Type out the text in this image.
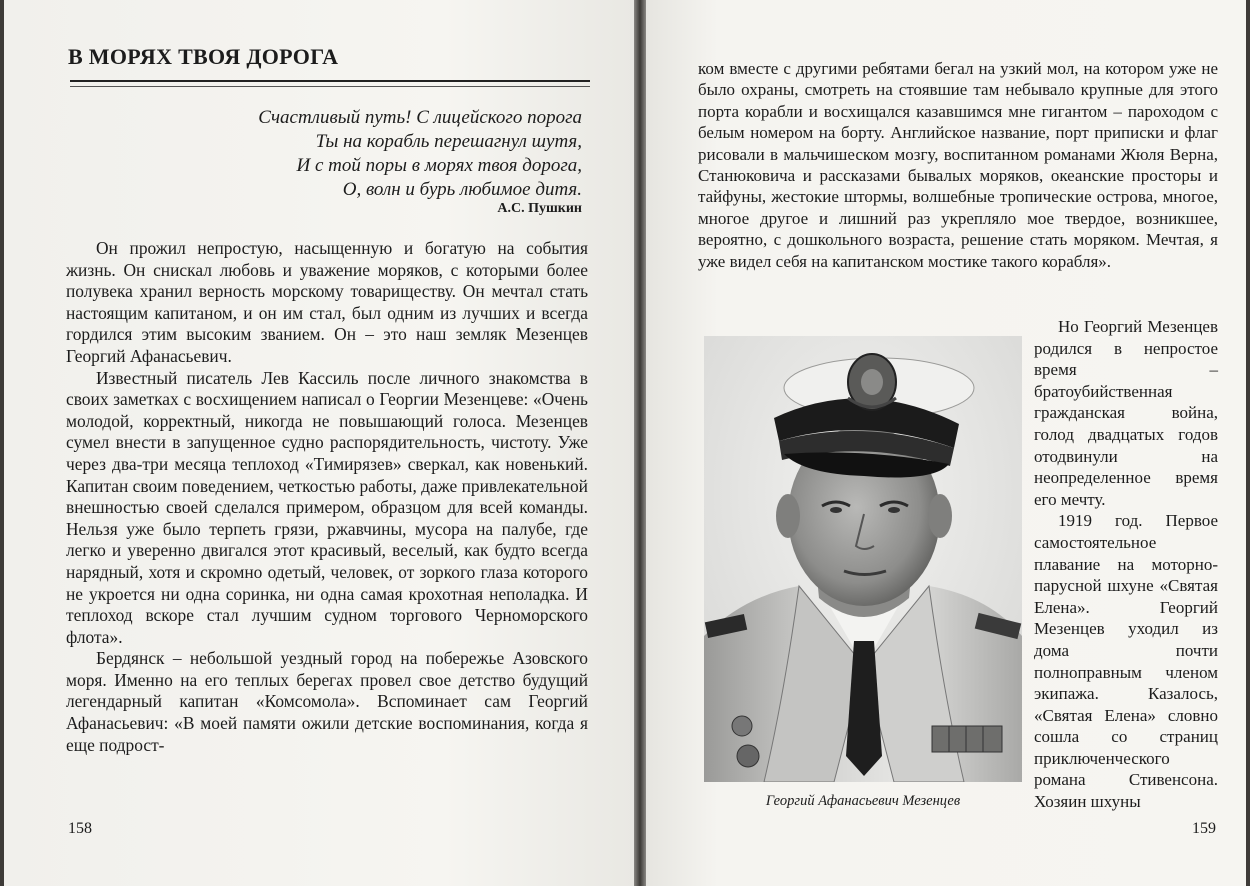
В МОРЯХ ТВОЯ ДОРОГА
Счастливый путь! С лицейского порога
Ты на корабль перешагнул шутя,
И с той поры в морях твоя дорога,
О, волн и бурь любимое дитя.
А.С. Пушкин

Он прожил непростую, насыщенную и богатую на события жизнь. Он снискал любовь и уважение моряков, с которыми более полувека хранил верность морскому товариществу. Он мечтал стать настоящим капитаном, и он им стал, был одним из лучших и всегда гордился этим высоким званием. Он – это наш земляк Мезенцев Георгий Афанасьевич.

Известный писатель Лев Кассиль после личного знакомства в своих заметках с восхищением написал о Георгии Мезенцеве: «Очень молодой, корректный, никогда не повышающий голоса. Мезенцев сумел внести в запущенное судно распорядительность, чистоту. Уже через два-три месяца теплоход «Тимирязев» сверкал, как новенький. Капитан своим поведением, четкостью работы, даже привлекательной внешностью своей сделался примером, образцом для всей команды. Нельзя уже было терпеть грязи, ржавчины, мусора на палубе, где легко и уверенно двигался этот красивый, веселый, как будто всегда нарядный, хотя и скромно одетый, человек, от зоркого глаза которого не укроется ни одна соринка, ни одна самая крохотная неполадка. И теплоход вскоре стал лучшим судном торгового Черноморского флота».

Бердянск – небольшой уездный город на побережье Азовского моря. Именно на его теплых берегах провел свое детство будущий легендарный капитан «Комсомола». Вспоминает сам Георгий Афанасьевич: «В моей памяти ожили детские воспоминания, когда я еще подрост-

158

ком вместе с другими ребятами бегал на узкий мол, на котором уже не было охраны, смотреть на стоявшие там небывало крупные для этого порта корабли и восхищался казавшимся мне гигантом – пароходом с белым номером на борту. Английское название, порт приписки и флаг рисовали в мальчишеском мозгу, воспитанном романами Жюля Верна, Станюковича и рассказами бывалых моряков, океанские просторы и тайфуны, жестокие штормы, волшебные тропические острова, многое, многое другое и лишний раз укрепляло мое твердое, возникшее, вероятно, с дошкольного возраста, решение стать моряком. Мечтая, я уже видел себя на капитанском мостике такого корабля».

Георгий Афанасьевич Мезенцев

Но Георгий Мезенцев родился в непростое время – братоубийственная гражданская война, голод двадцатых годов отодвинули на неопределенное время его мечту.

1919 год. Первое самостоятельное плавание на моторно-парусной шхуне «Святая Елена». Георгий Мезенцев уходил из дома почти полноправным членом экипажа. Казалось, «Святая Елена» словно сошла со страниц приключенческого романа Стивенсона. Хозяин шхуны

159
